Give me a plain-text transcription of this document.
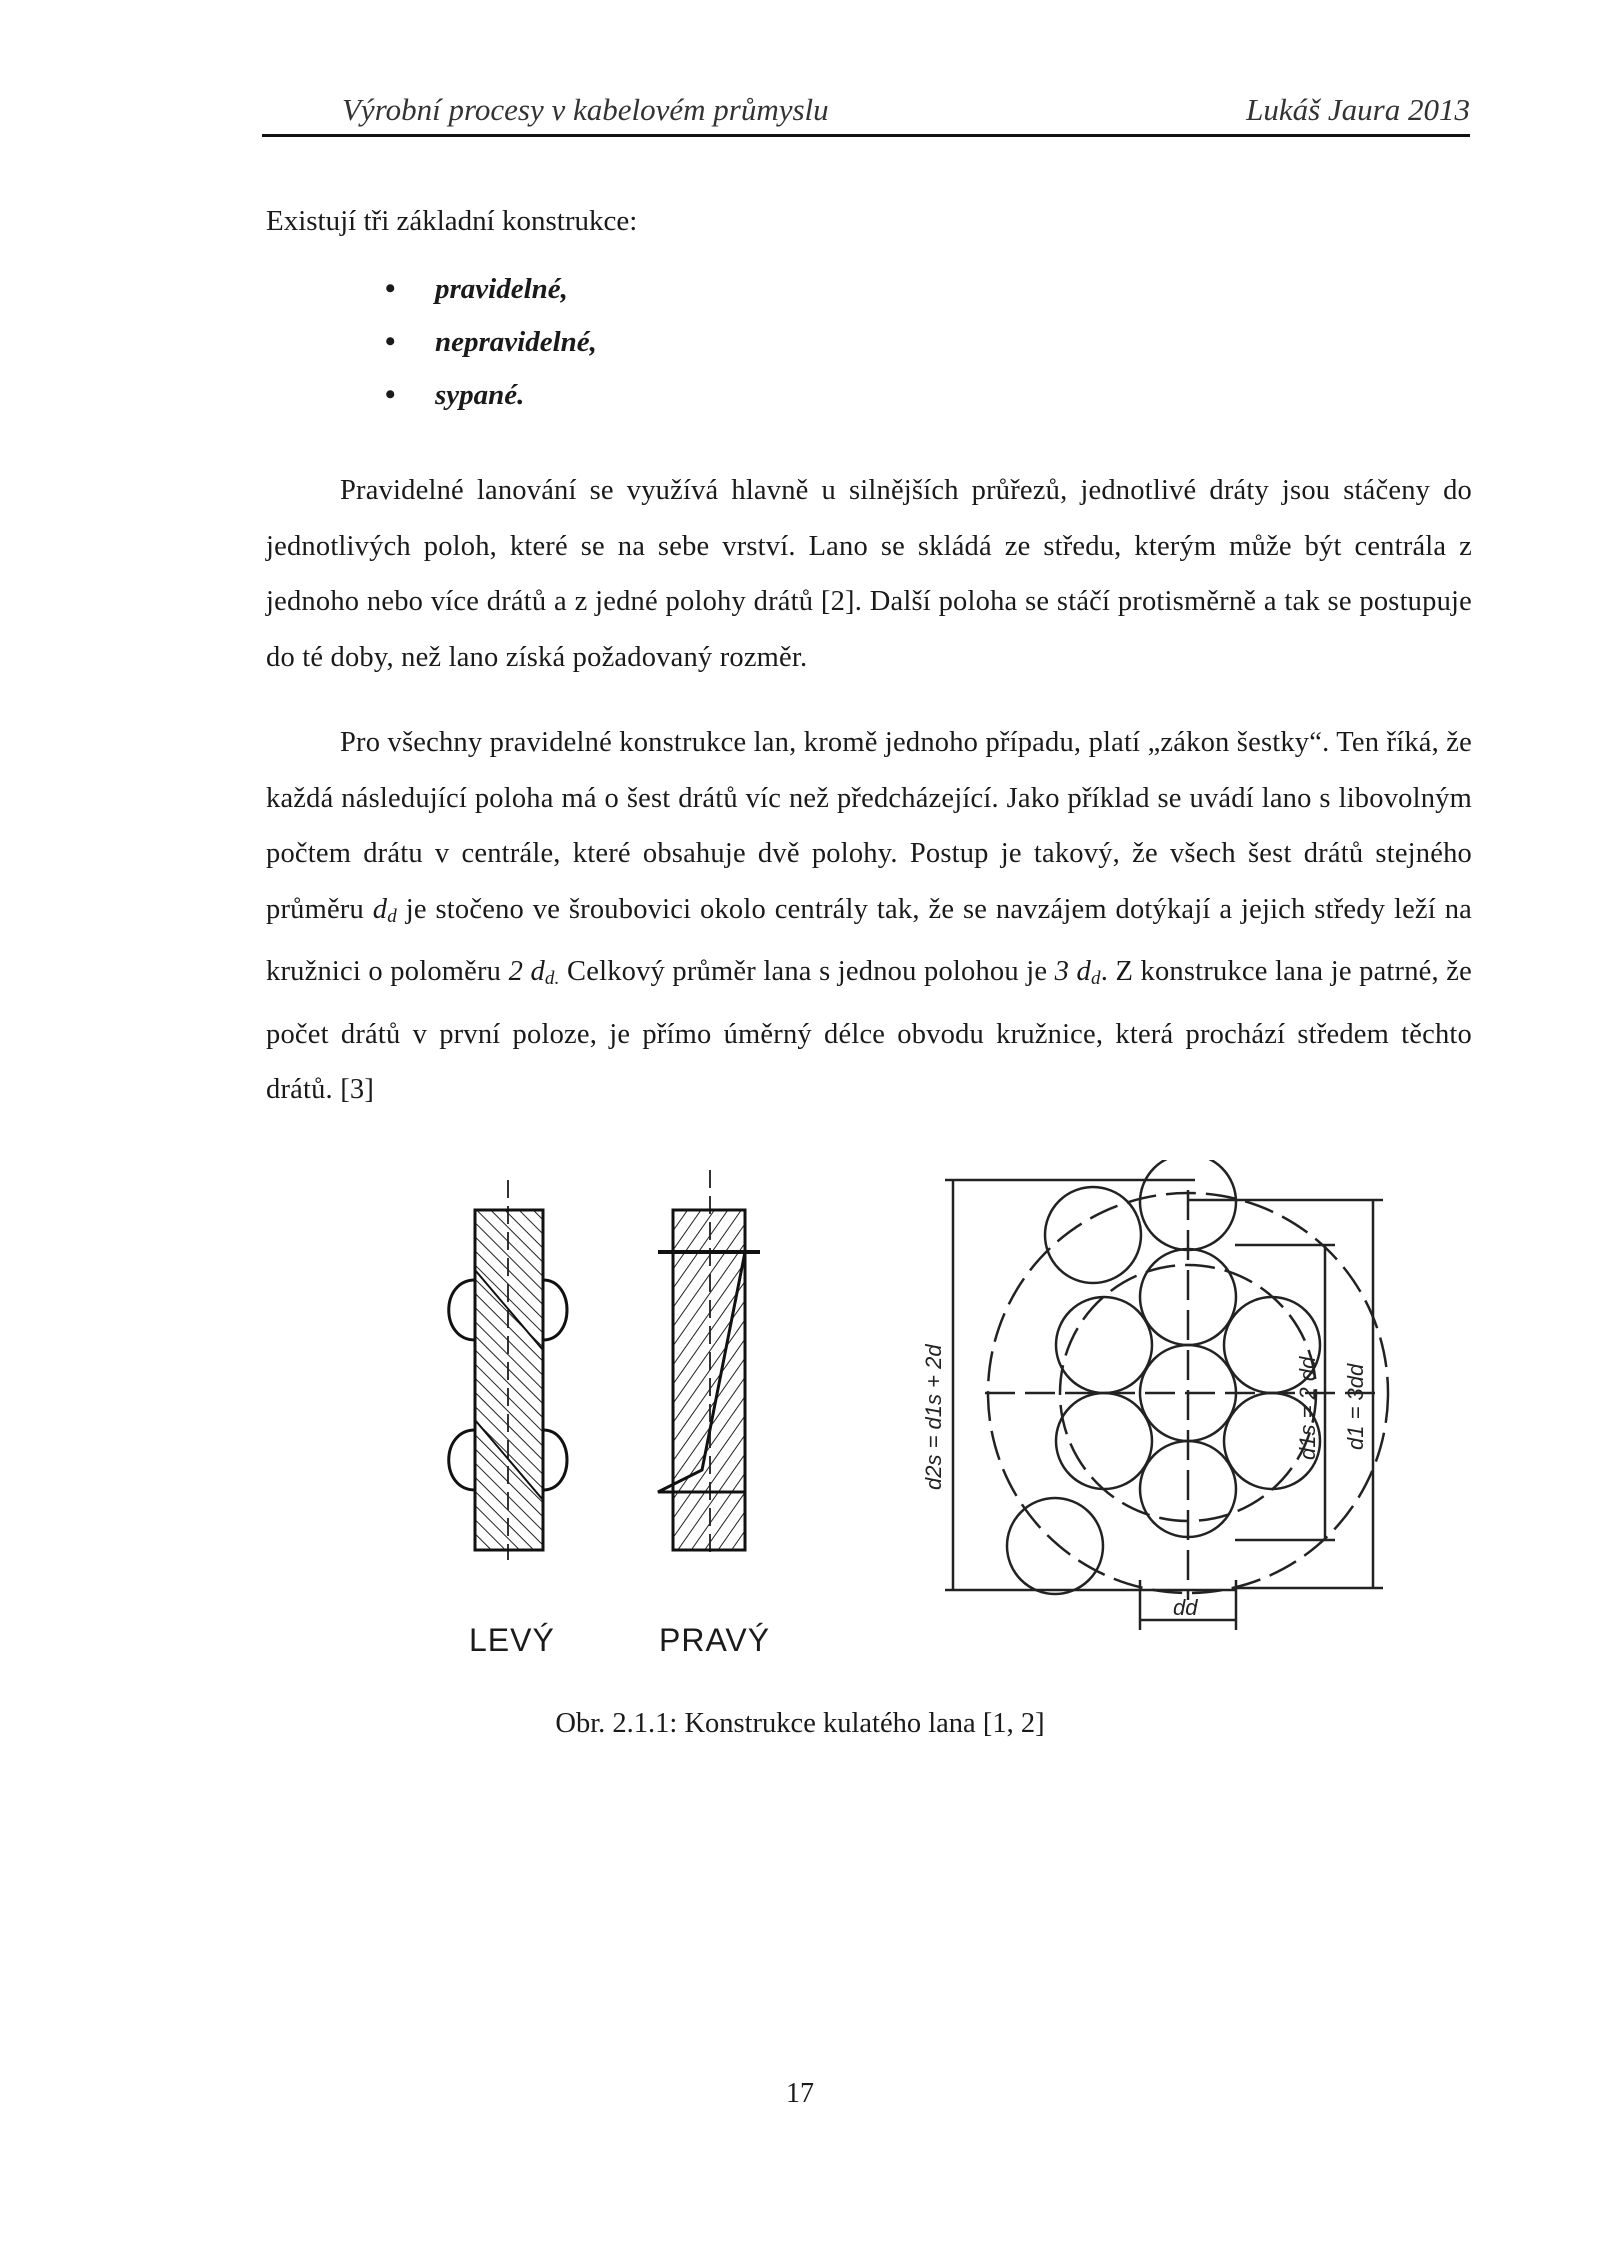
Výrobní procesy v kabelovém průmyslu	Lukáš Jaura 2013
Existují tři základní konstrukce:
• pravidelné,
• nepravidelné,
• sypané.

Pravidelné lanování se využívá hlavně u silnějších průřezů, jednotlivé dráty jsou stáčeny do jednotlivých poloh, které se na sebe vrství. Lano se skládá ze středu, kterým může být centrála z jednoho nebo více drátů a z jedné polohy drátů [2]. Další poloha se stáčí protisměrně a tak se postupuje do té doby, než lano získá požadovaný rozměr.

Pro všechny pravidelné konstrukce lan, kromě jednoho případu, platí „zákon šestky“. Ten říká, že každá následující poloha má o šest drátů víc než předcházející. Jako příklad se uvádí lano s libovolným počtem drátu v centrále, které obsahuje dvě polohy. Postup je takový, že všech šest drátů stejného průměru $d_d$ je stočeno ve šroubovici okolo centrály tak, že se navzájem dotýkají a jejich středy leží na kružnici o poloměru 2 $d_{d.}$ Celkový průměr lana s jednou polohou je 3 $d_d$. Z konstrukce lana je patrné, že počet drátů v první poloze, je přímo úměrný délce obvodu kružnice, která prochází středem těchto drátů. [3]

LEVÝ	PRAVÝ
d2s = d1s + 2d	d1s = 2 dd d1 = 3dd
dd
Obr. 2.1.1: Konstrukce kulatého lana [1, 2]
17
